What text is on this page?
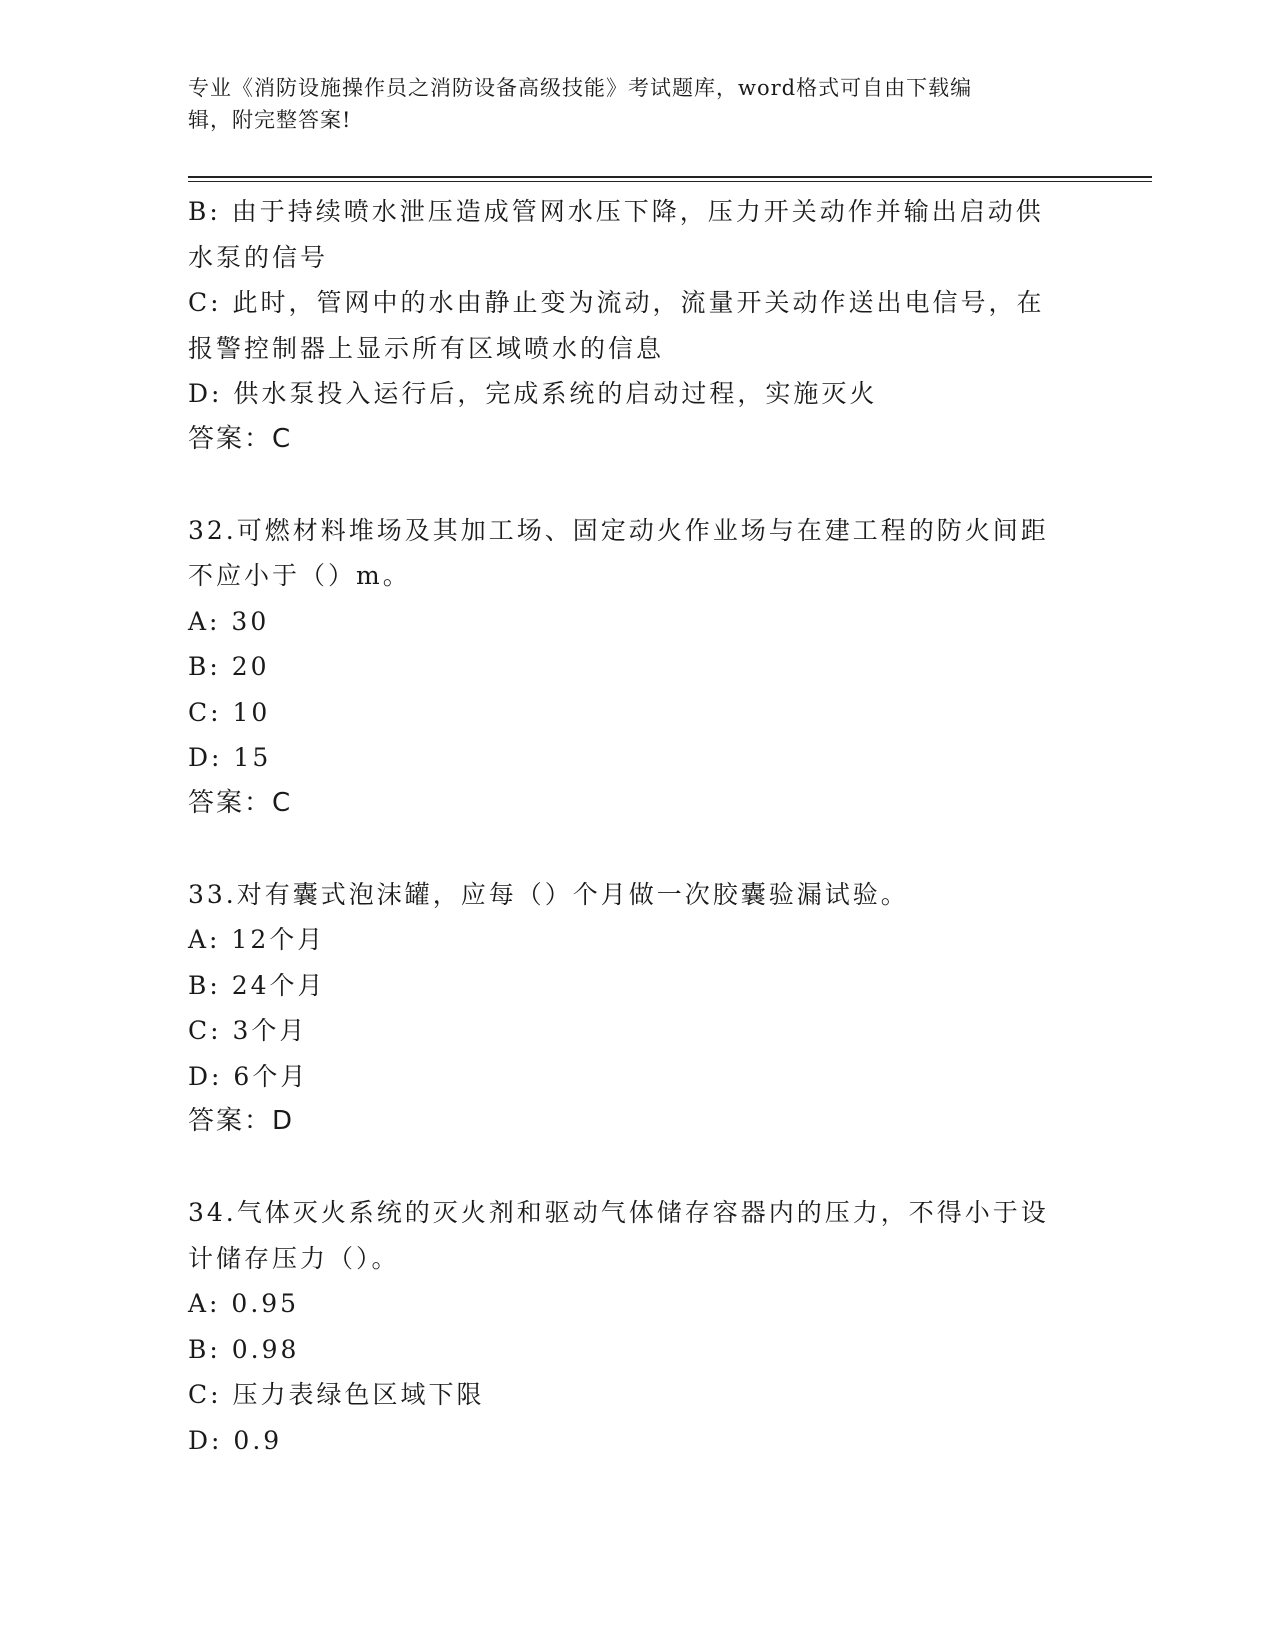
专业《消防设施操作员之消防设备高级技能》考试题库，word格式可自由下载编
辑，附完整答案!
B: 由于持续喷水泄压造成管网水压下降，压力开关动作并输出启动供
水泵的信号
C: 此时，管网中的水由静止变为流动，流量开关动作送出电信号，在
报警控制器上显示所有区域喷水的信息
D: 供水泵投入运行后，完成系统的启动过程，实施灭火
答案：C
32.可燃材料堆场及其加工场、固定动火作业场与在建工程的防火间距
不应小于（）m。
A: 30
B: 20
C: 10
D: 15
答案：C
33.对有囊式泡沫罐，应每（）个月做一次胶囊验漏试验。
A: 12个月
B: 24个月
C: 3个月
D: 6个月
答案：D
34.气体灭火系统的灭火剂和驱动气体储存容器内的压力，不得小于设
计储存压力（）。
A: 0.95
B: 0.98
C: 压力表绿色区域下限
D: 0.9
